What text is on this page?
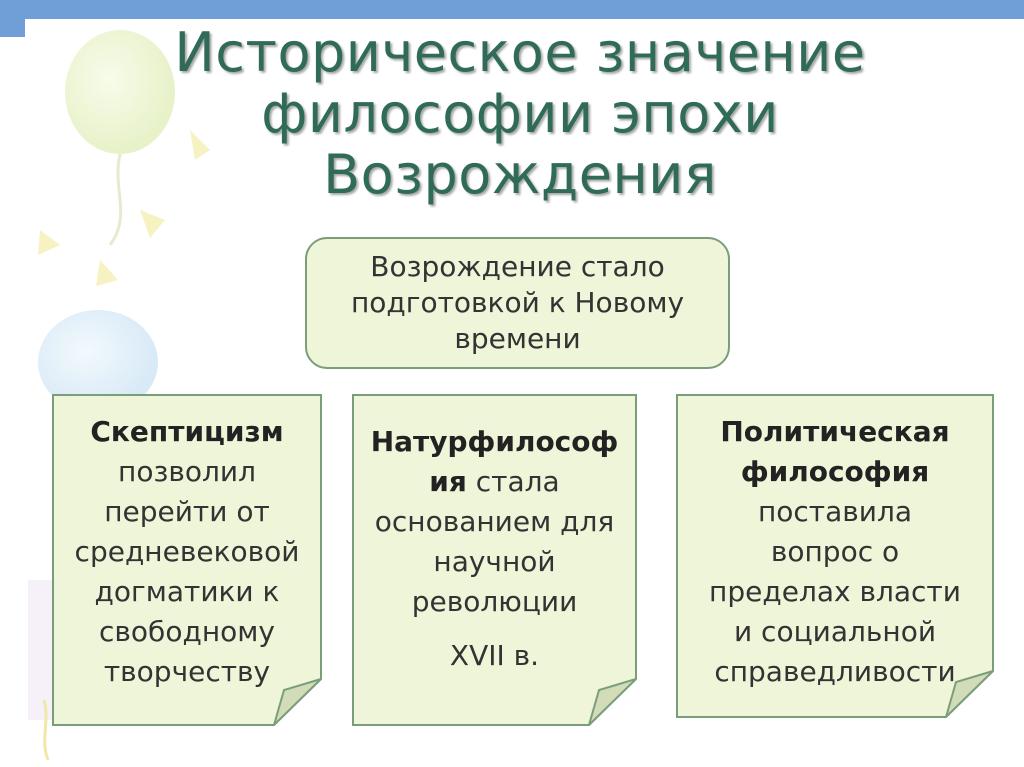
Историческое значение
философии эпохи
Возрождения
Возрождение стало
подготовкой к Новому
времени
Скептицизм
позволил
перейти от
средневековой
догматики к
свободному
творчеству
Натурфилософ
ия стала
основанием для
научной
революции
XVII в.
Политическая
философия
поставила
вопрос о
пределах власти
и социальной
справедливости
